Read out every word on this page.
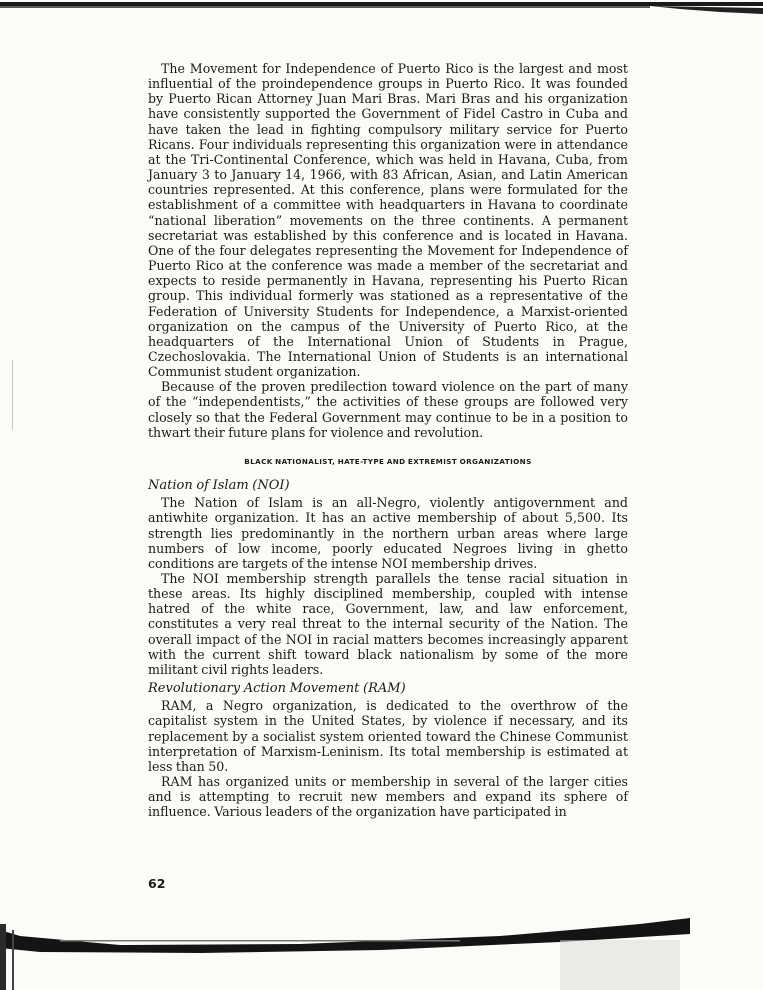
The Movement for Independence of Puerto Rico is the largest and most influential of the proindependence groups in Puerto Rico. It was founded by Puerto Rican Attorney Juan Mari Bras. Mari Bras and his organization have consistently supported the Government of Fidel Castro in Cuba and have taken the lead in fighting compulsory military service for Puerto Ricans. Four individuals representing this organization were in attendance at the Tri-Continental Conference, which was held in Havana, Cuba, from January 3 to January 14, 1966, with 83 African, Asian, and Latin American countries represented. At this conference, plans were formulated for the establishment of a committee with headquarters in Havana to coordinate “national liberation” movements on the three continents. A permanent secretariat was established by this conference and is located in Havana. One of the four delegates representing the Movement for Independence of Puerto Rico at the conference was made a member of the secretariat and expects to reside permanently in Havana, representing his Puerto Rican group. This individual formerly was stationed as a representative of the Federation of University Students for Independence, a Marxist-oriented organization on the campus of the University of Puerto Rico, at the headquarters of the International Union of Students in Prague, Czechoslovakia. The International Union of Students is an international Communist student organization.

Because of the proven predilection toward violence on the part of many of the “independentists,” the activities of these groups are followed very closely so that the Federal Government may continue to be in a position to thwart their future plans for violence and revolution.

BLACK NATIONALIST, HATE-TYPE AND EXTREMIST ORGANIZATIONS
Nation of Islam (NOI)

The Nation of Islam is an all-Negro, violently antigovernment and antiwhite organization. It has an active membership of about 5,500. Its strength lies predominantly in the northern urban areas where large numbers of low income, poorly educated Negroes living in ghetto conditions are targets of the intense NOI membership drives.

The NOI membership strength parallels the tense racial situation in these areas. Its highly disciplined membership, coupled with intense hatred of the white race, Government, law, and law enforcement, constitutes a very real threat to the internal security of the Nation. The overall impact of the NOI in racial matters becomes increasingly apparent with the current shift toward black nationalism by some of the more militant civil rights leaders.

Revolutionary Action Movement (RAM)

RAM, a Negro organization, is dedicated to the overthrow of the capitalist system in the United States, by violence if necessary, and its replacement by a socialist system oriented toward the Chinese Communist interpretation of Marxism-Leninism. Its total membership is estimated at less than 50.

RAM has organized units or membership in several of the larger cities and is attempting to recruit new members and expand its sphere of influence. Various leaders of the organization have participated in

62
